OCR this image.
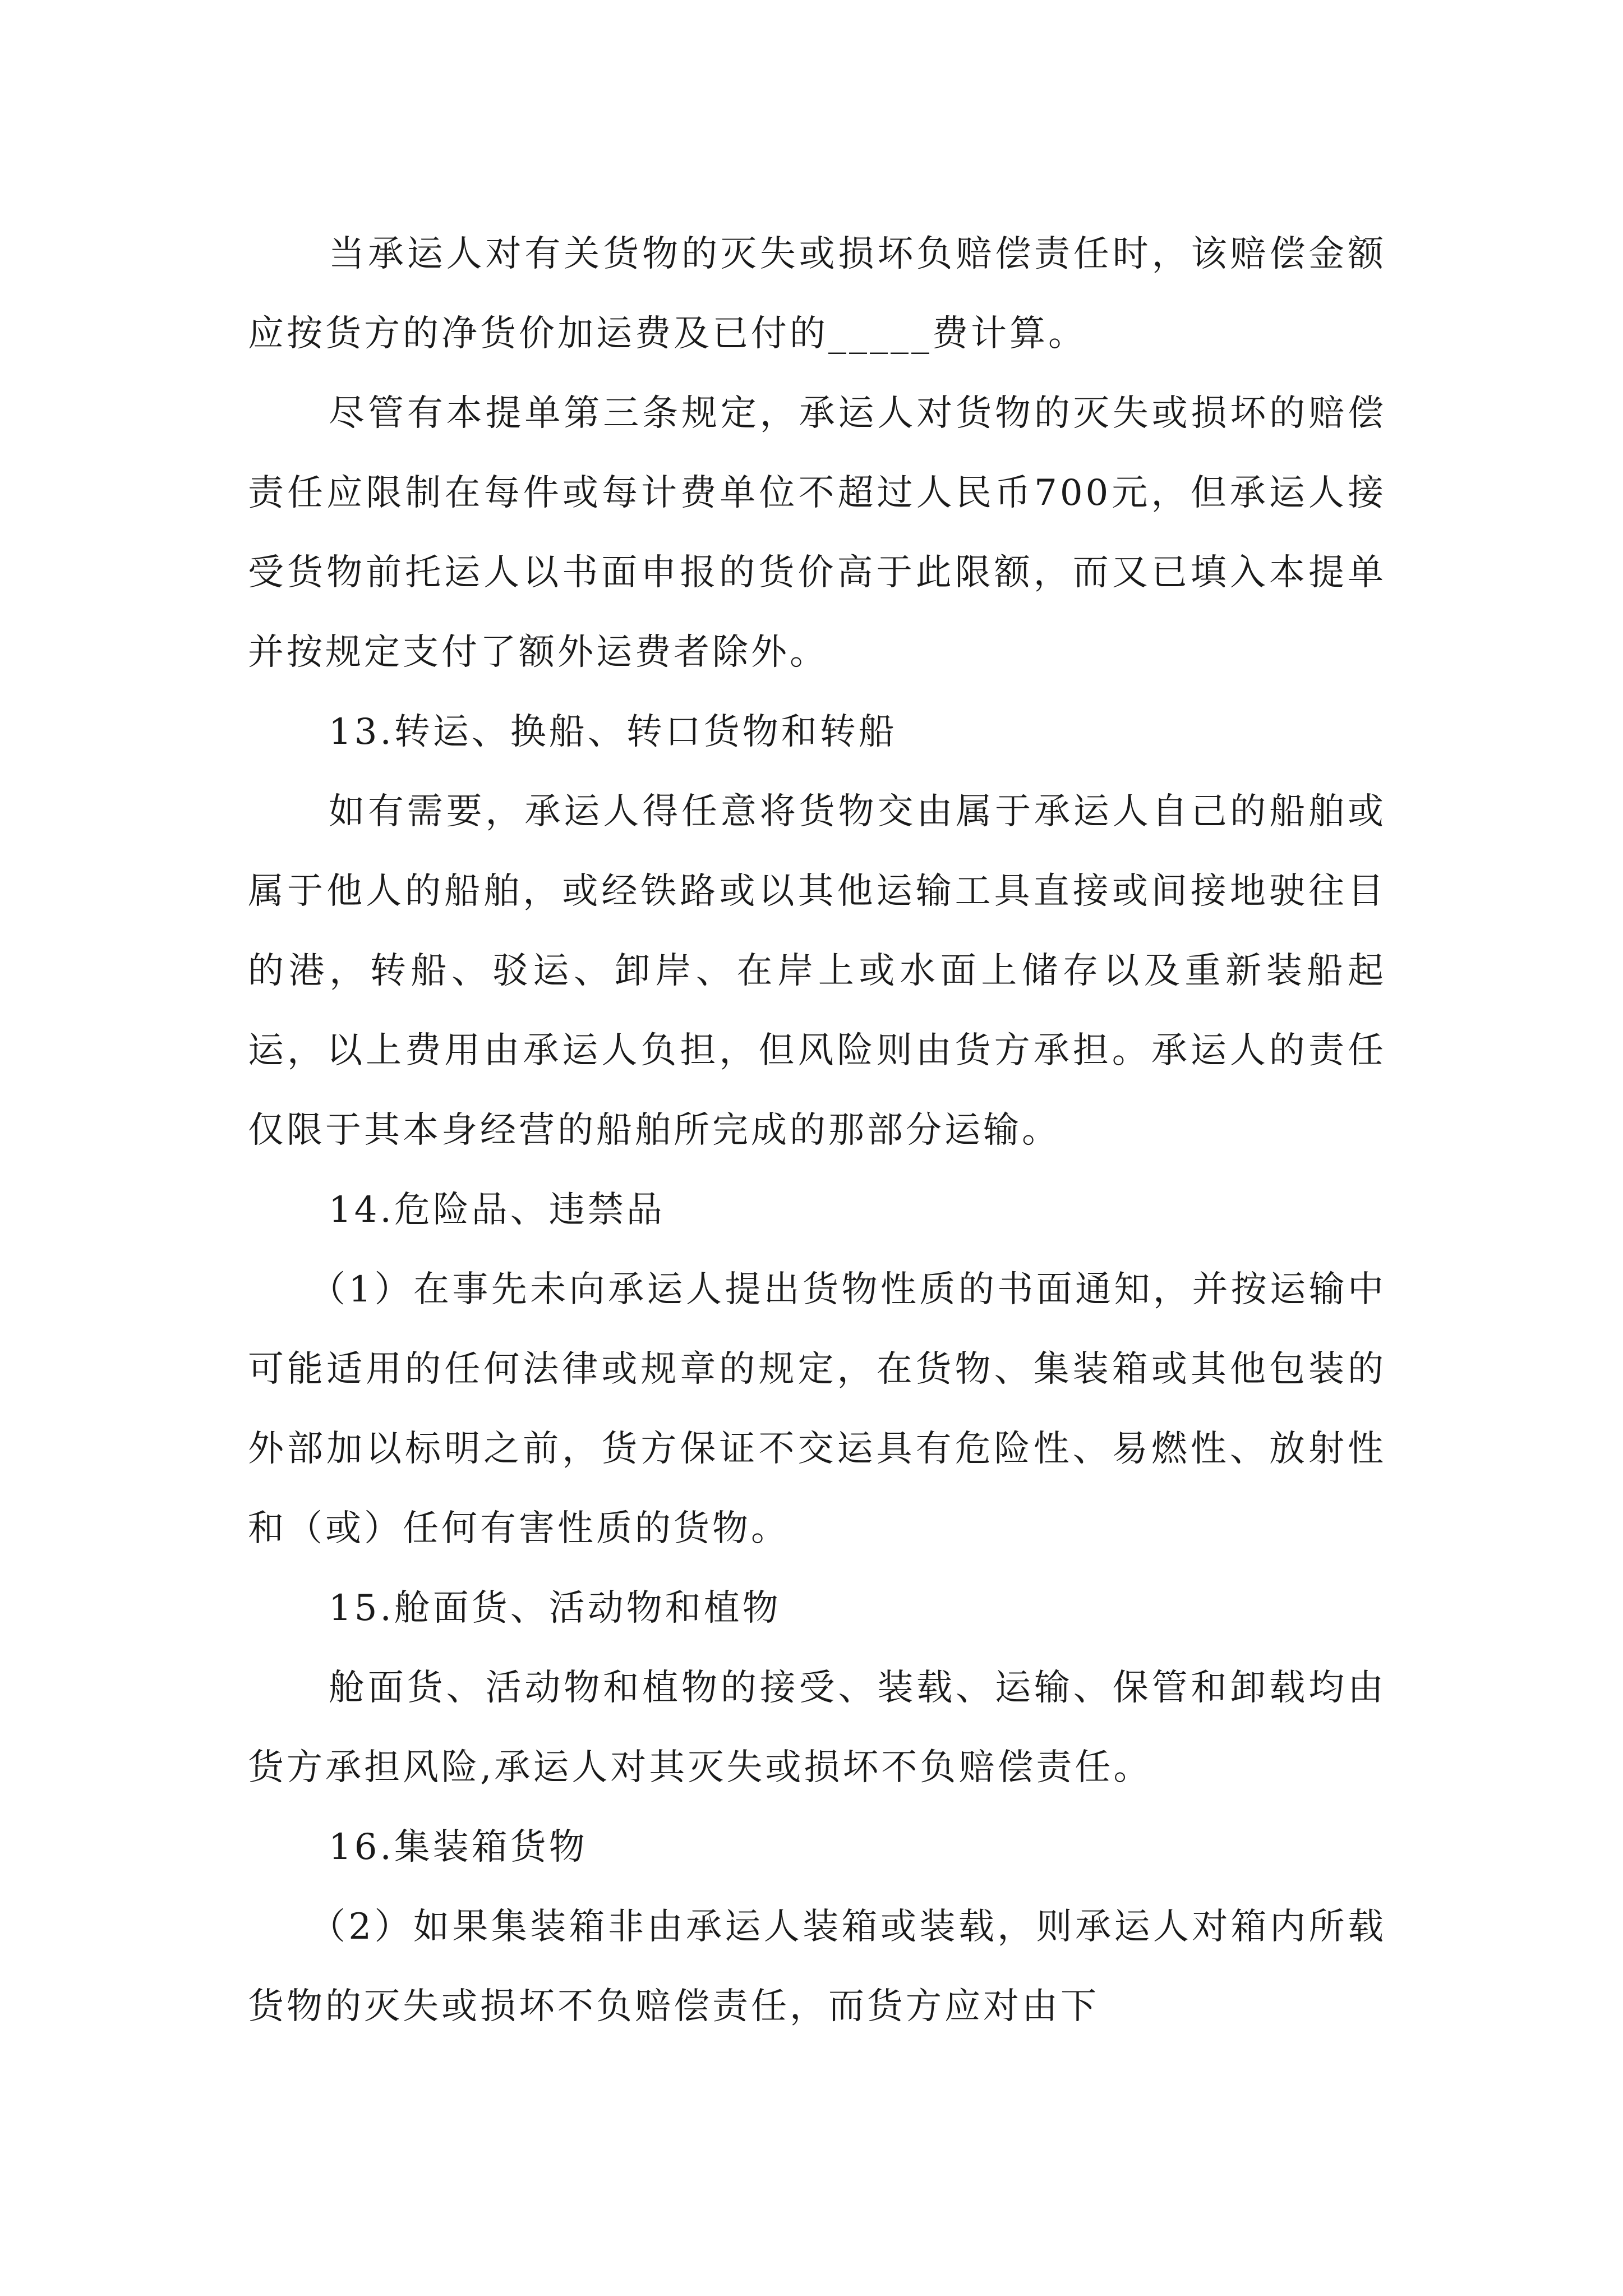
当承运人对有关货物的灭失或损坏负赔偿责任时，该赔偿金额应按货方的净货价加运费及已付的_____费计算。

尽管有本提单第三条规定，承运人对货物的灭失或损坏的赔偿责任应限制在每件或每计费单位不超过人民币700元，但承运人接受货物前托运人以书面申报的货价高于此限额，而又已填入本提单并按规定支付了额外运费者除外。

13.转运、换船、转口货物和转船

如有需要，承运人得任意将货物交由属于承运人自己的船舶或属于他人的船舶，或经铁路或以其他运输工具直接或间接地驶往目的港，转船、驳运、卸岸、在岸上或水面上储存以及重新装船起运，以上费用由承运人负担，但风险则由货方承担。承运人的责任仅限于其本身经营的船舶所完成的那部分运输。

14.危险品、违禁品

（1）在事先未向承运人提出货物性质的书面通知，并按运输中可能适用的任何法律或规章的规定，在货物、集装箱或其他包装的外部加以标明之前，货方保证不交运具有危险性、易燃性、放射性和（或）任何有害性质的货物。

15.舱面货、活动物和植物

舱面货、活动物和植物的接受、装载、运输、保管和卸载均由货方承担风险,承运人对其灭失或损坏不负赔偿责任。

16.集装箱货物

（2）如果集装箱非由承运人装箱或装载，则承运人对箱内所载货物的灭失或损坏不负赔偿责任，而货方应对由下
